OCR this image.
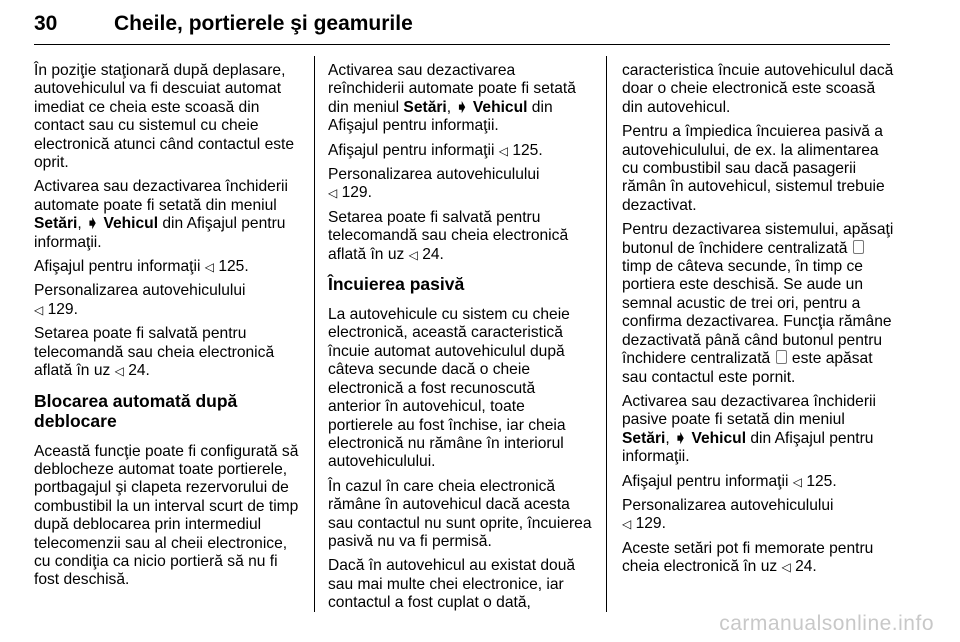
30	Cheile, portierele şi geamurile

În poziţie staţionară după deplasare, autovehiculul va fi descuiat automat imediat ce cheia este scoasă din contact sau cu sistemul cu cheie electronică atunci când contactul este oprit.

Activarea sau dezactivarea închiderii automate poate fi setată din meniul Setări, ➧ Vehicul din Afişajul pentru informaţii.

Afişajul pentru informaţii ◁ 125.

Personalizarea autovehiculului
◁ 129.

Setarea poate fi salvată pentru telecomandă sau cheia electronică aflată în uz ◁ 24.

Blocarea automată după deblocare

Această funcţie poate fi configurată să deblocheze automat toate portierele, portbagajul şi clapeta rezervorului de combustibil la un interval scurt de timp după deblocarea prin intermediul telecomenzii sau al cheii electronice, cu condiţia ca nicio portieră să nu fi fost deschisă.

Activarea sau dezactivarea reînchiderii automate poate fi setată din meniul Setări, ➧ Vehicul din Afişajul pentru informaţii.

Afişajul pentru informaţii ◁ 125.

Personalizarea autovehiculului
◁ 129.

Setarea poate fi salvată pentru telecomandă sau cheia electronică aflată în uz ◁ 24.

Încuierea pasivă

La autovehicule cu sistem cu cheie electronică, această caracteristică încuie automat autovehiculul după câteva secunde dacă o cheie electronică a fost recunoscută anterior în autovehicul, toate portierele au fost închise, iar cheia electronică nu rămâne în interiorul autovehiculului.

În cazul în care cheia electronică rămâne în autovehicul dacă acesta sau contactul nu sunt oprite, încuierea pasivă nu va fi permisă.

Dacă în autovehicul au existat două sau mai multe chei electronice, iar contactul a fost cuplat o dată,

caracteristica încuie autovehiculul dacă doar o cheie electronică este scoasă din autovehicul.

Pentru a împiedica încuierea pasivă a autovehiculului, de ex. la alimentarea cu combustibil sau dacă pasagerii rămân în autovehicul, sistemul trebuie dezactivat.

Pentru dezactivarea sistemului, apăsaţi butonul de închidere centralizată  timp de câteva secunde, în timp ce portiera este deschisă. Se aude un semnal acustic de trei ori, pentru a confirma dezactivarea. Funcţia rămâne dezactivată până când butonul pentru închidere centralizată  este apăsat sau contactul este pornit.

Activarea sau dezactivarea închiderii pasive poate fi setată din meniul Setări, ➧ Vehicul din Afişajul pentru informaţii.

Afişajul pentru informaţii ◁ 125.

Personalizarea autovehiculului
◁ 129.

Aceste setări pot fi memorate pentru cheia electronică în uz ◁ 24.

carmanualsonline.info
